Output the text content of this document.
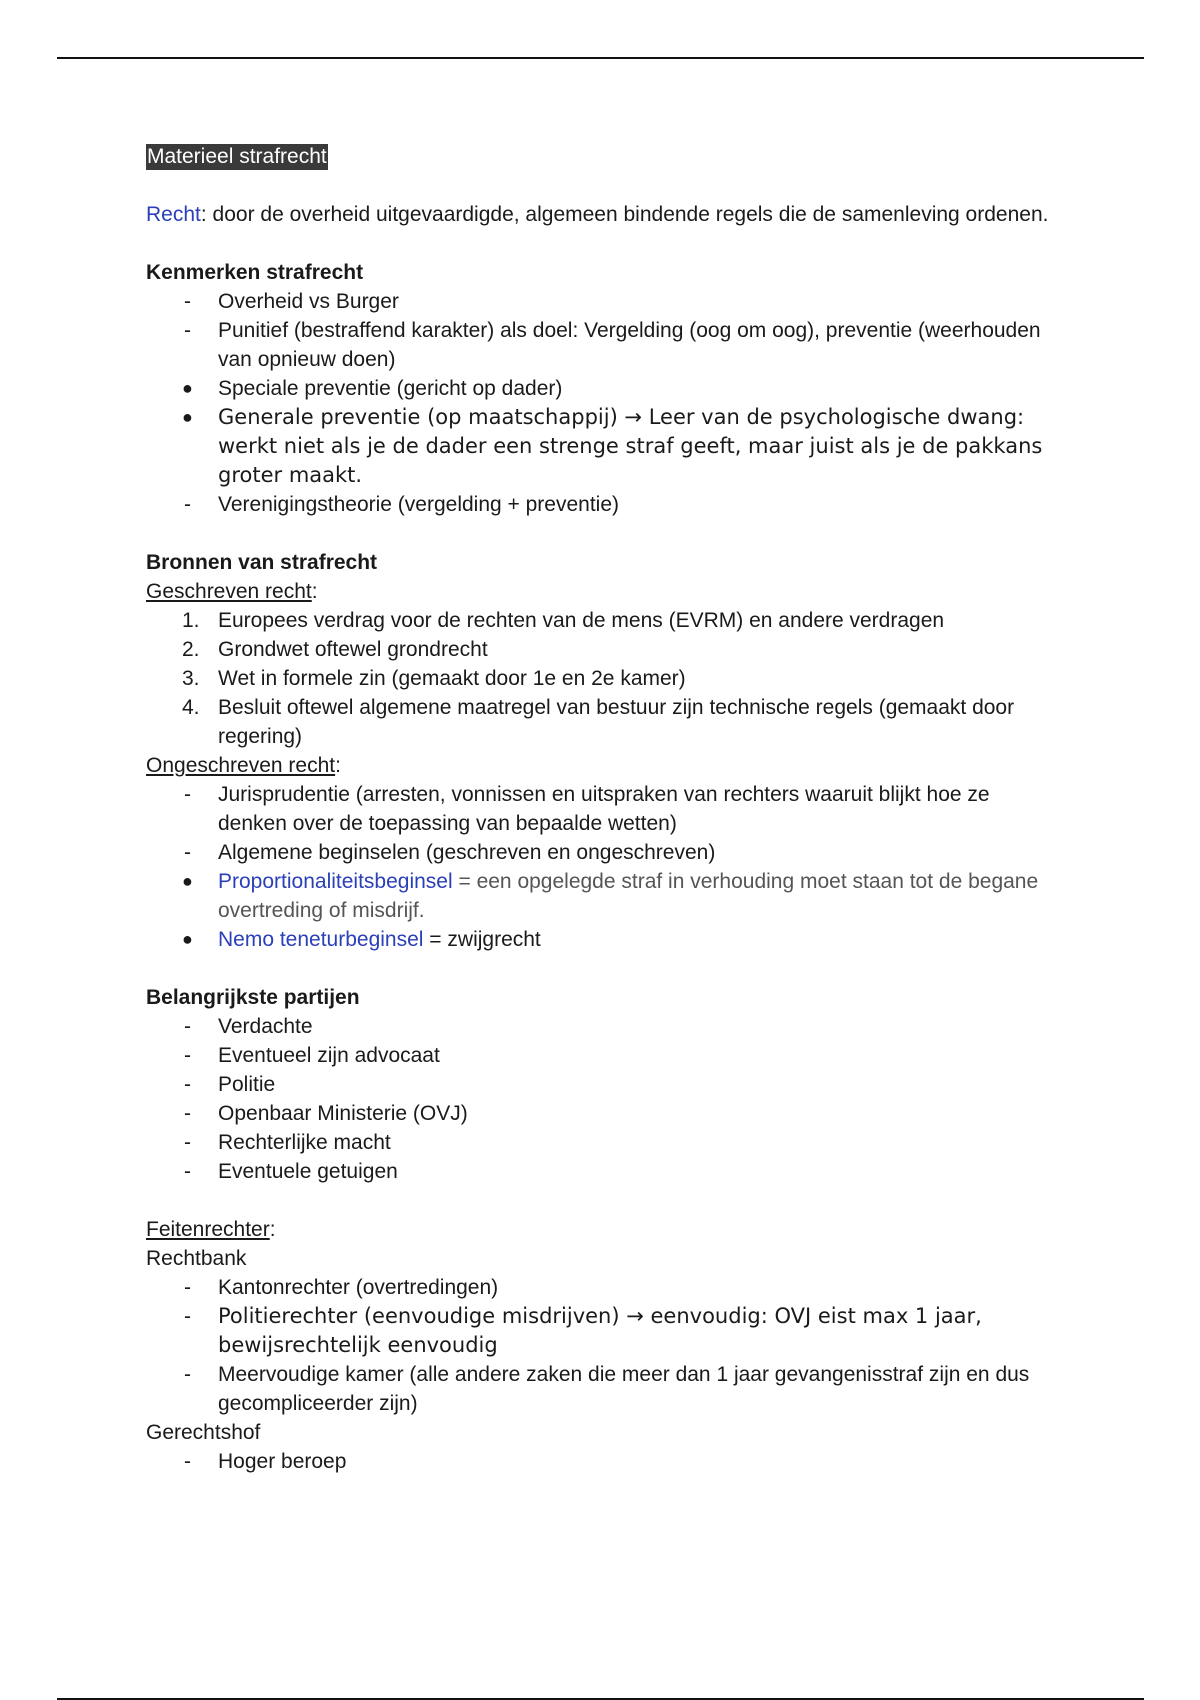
Materieel strafrecht

Recht: door de overheid uitgevaardigde, algemeen bindende regels die de samenleving ordenen.

Kenmerken strafrecht
-	Overheid vs Burger
-	Punitief (bestraffend karakter) als doel: Vergelding (oog om oog), preventie (weerhouden van opnieuw doen)
●	Speciale preventie (gericht op dader)
●	Generale preventie (op maatschappij) → Leer van de psychologische dwang: werkt niet als je de dader een strenge straf geeft, maar juist als je de pakkans groter maakt.
-	Verenigingstheorie (vergelding + preventie)
Bronnen van strafrecht

Geschreven recht:

1. Europees verdrag voor de rechten van de mens (EVRM) en andere verdragen
2. Grondwet oftewel grondrecht
3. Wet in formele zin (gemaakt door 1e en 2e kamer)
4. Besluit oftewel algemene maatregel van bestuur zijn technische regels (gemaakt door regering)

Ongeschreven recht:

-	Jurisprudentie (arresten, vonnissen en uitspraken van rechters waaruit blijkt hoe ze denken over de toepassing van bepaalde wetten)
-	Algemene beginselen (geschreven en ongeschreven)
●	Proportionaliteitsbeginsel = een opgelegde straf in verhouding moet staan tot de begane overtreding of misdrijf.
●	Nemo teneturbeginsel = zwijgrecht
Belangrijkste partijen
-	Verdachte
-	Eventueel zijn advocaat
-	Politie
-	Openbaar Ministerie (OVJ)
-	Rechterlijke macht
-	Eventuele getuigen

Feitenrechter:

Rechtbank

-	Kantonrechter (overtredingen)
-	Politierechter (eenvoudige misdrijven) → eenvoudig: OVJ eist max 1 jaar, bewijsrechtelijk eenvoudig
-	Meervoudige kamer (alle andere zaken die meer dan 1 jaar gevangenisstraf zijn en dus gecompliceerder zijn)

Gerechtshof

-	Hoger beroep
